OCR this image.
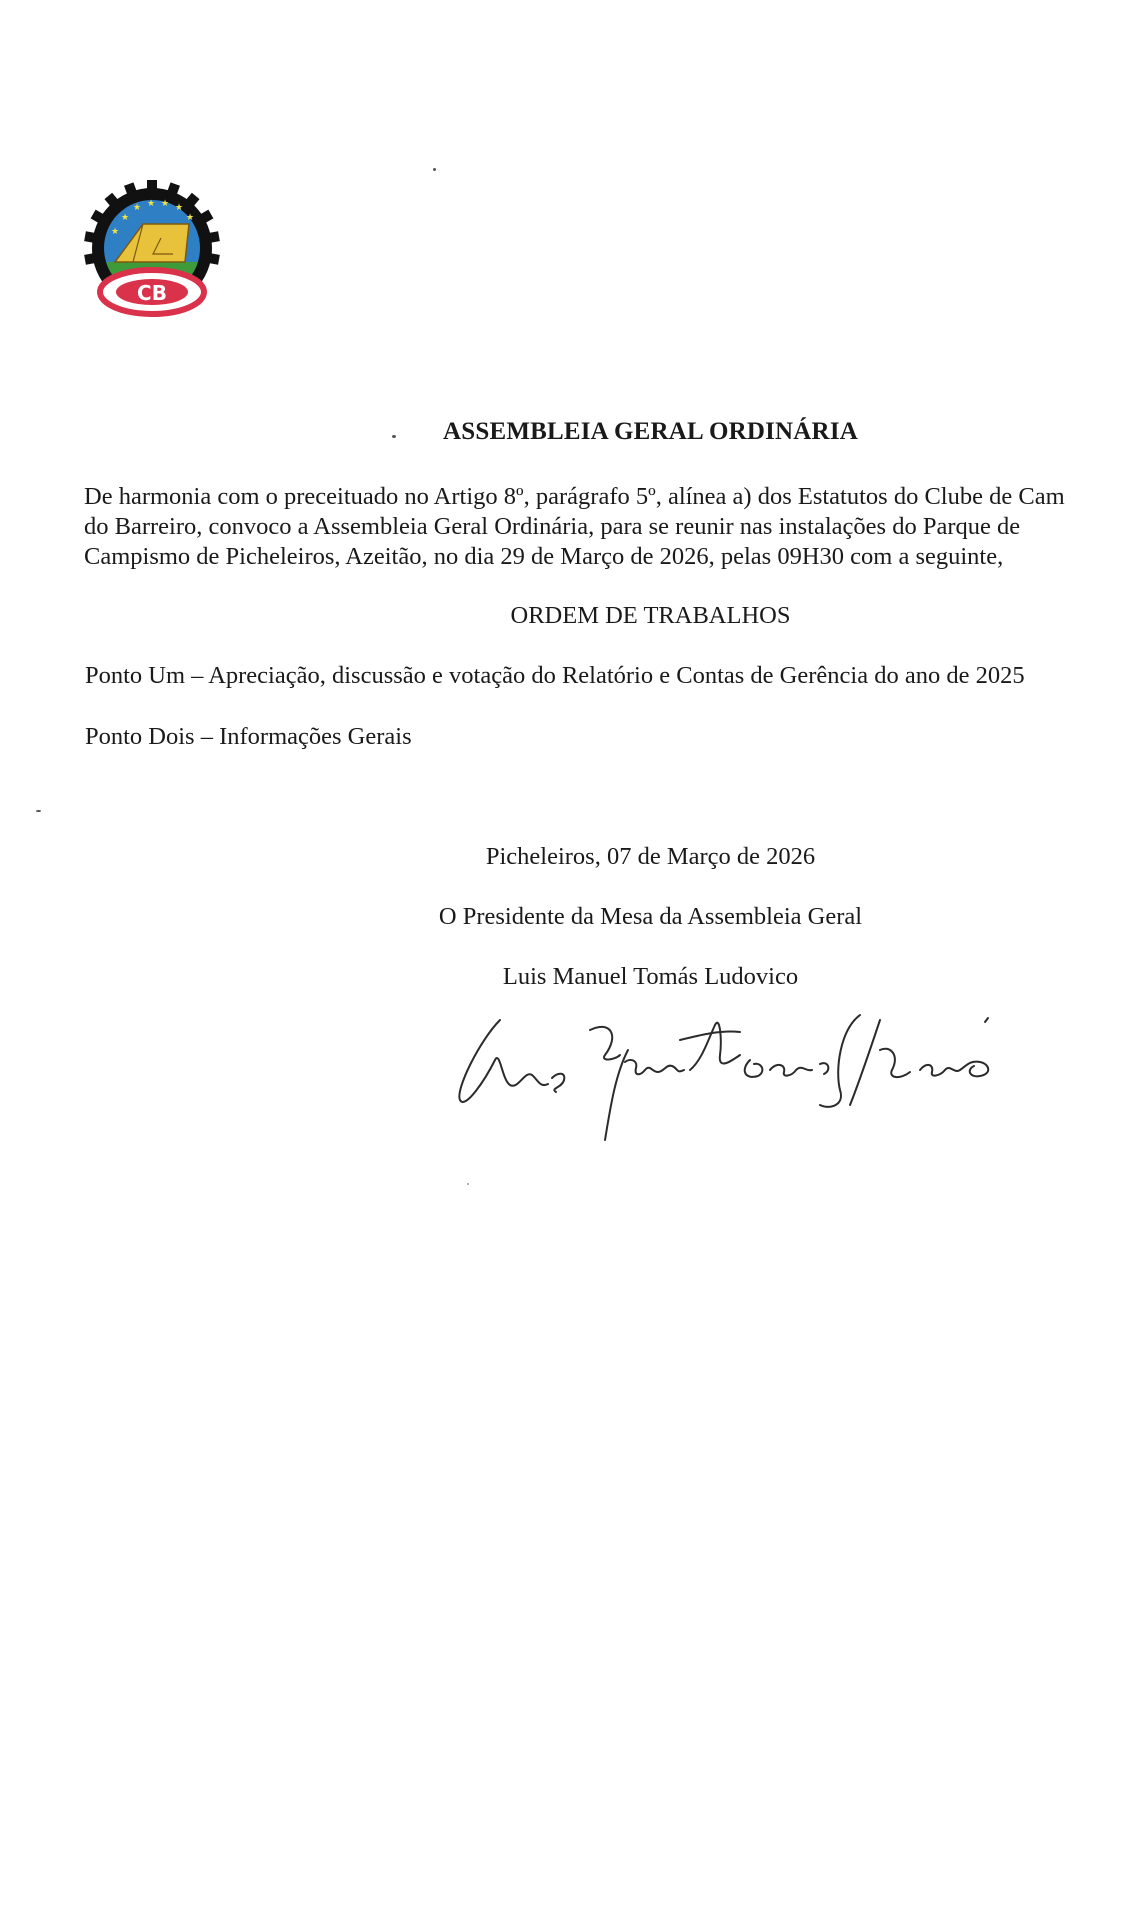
★
★ ★ ★ ★
★
★
CB
ASSEMBLEIA GERAL ORDINÁRIA
De harmonia com o preceituado no Artigo 8º, parágrafo 5º, alínea a) dos Estatutos do Clube de Cam
do Barreiro, convoco a Assembleia Geral Ordinária, para se reunir nas instalações do Parque de
Campismo de Picheleiros, Azeitão, no dia 29 de Março de 2026, pelas 09H30 com a seguinte,
ORDEM DE TRABALHOS
Ponto Um – Apreciação, discussão e votação do Relatório e Contas de Gerência do ano de 2025
Ponto Dois – Informações Gerais
Picheleiros, 07 de Março de 2026
O Presidente da Mesa da Assembleia Geral
Luis Manuel Tomás Ludovico
